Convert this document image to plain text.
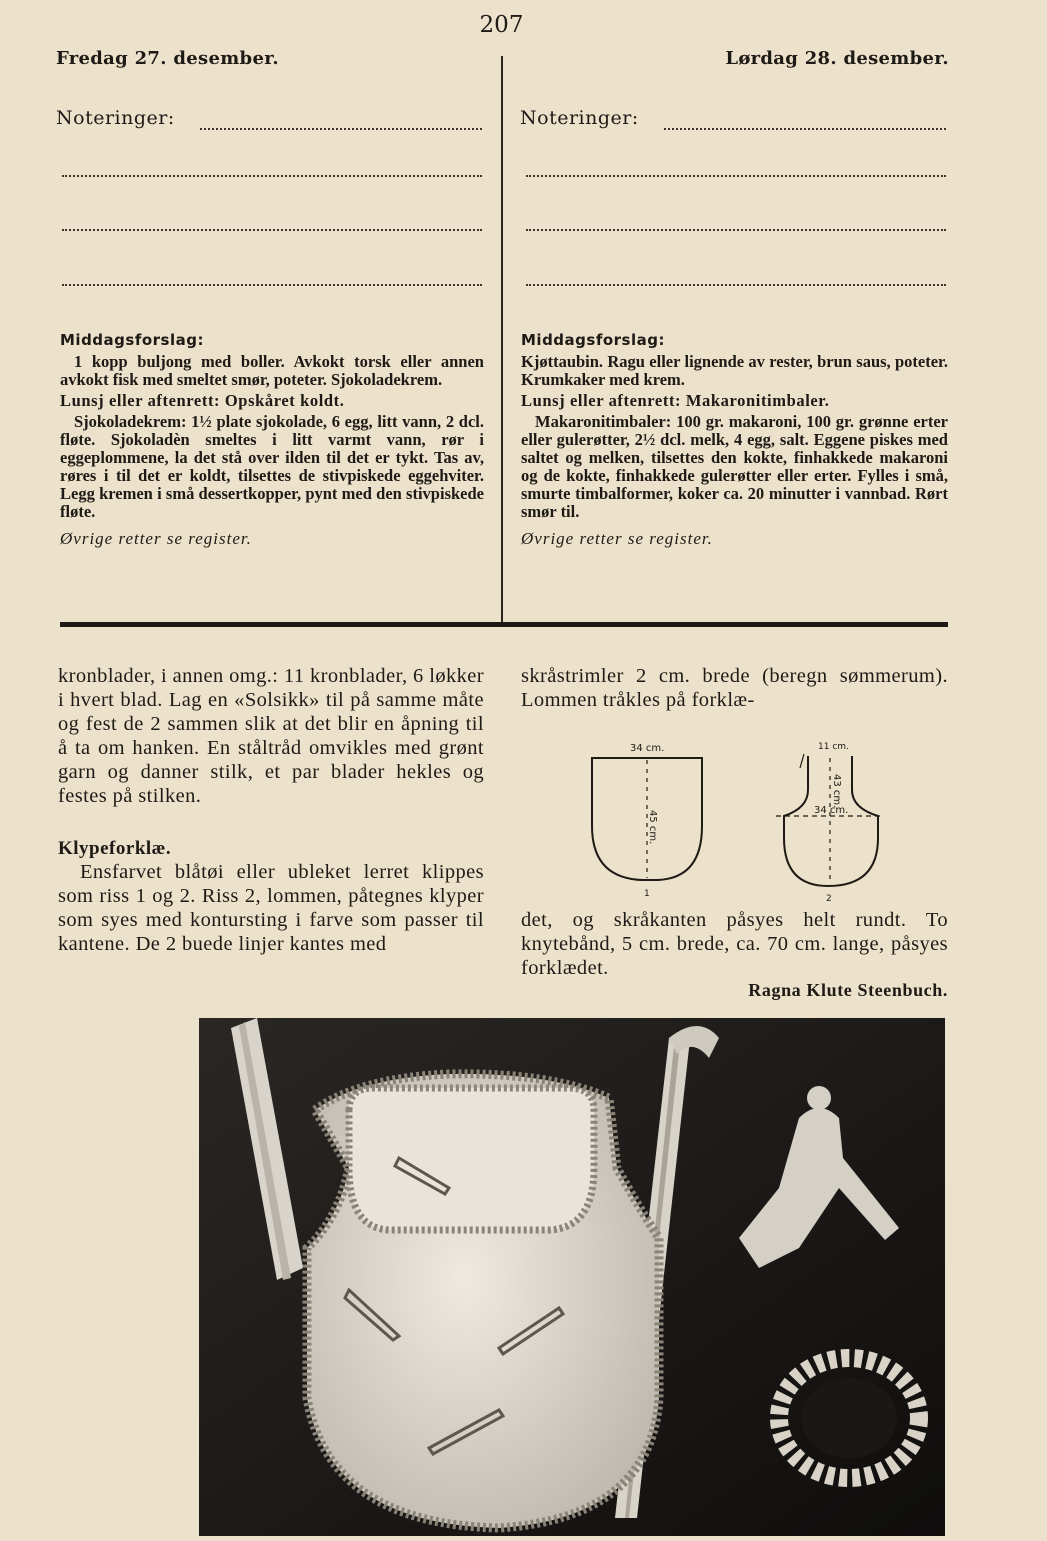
207
Fredag 27. desember.	Lørdag 28. desember.
Noteringer:	Noteringer:
Middagsforslag:

1 kopp buljong med boller. Avkokt torsk eller annen avkokt fisk med smeltet smør, poteter. Sjokoladekrem.

Lunsj eller aftenrett: Opskåret koldt.

Sjokoladekrem: 1½ plate sjokolade, 6 egg, litt vann, 2 dcl. fløte. Sjokoladèn smeltes i litt varmt vann, rør i eggeplommene, la det stå over ilden til det er tykt. Tas av, røres i til det er koldt, tilsettes de stivpiskede eggehviter. Legg kremen i små dessertkopper, pynt med den stivpiskede fløte.

Øvrige retter se register.
Middagsforslag:

Kjøttaubin. Ragu eller lignende av rester, brun saus, poteter. Krumkaker med krem.

Lunsj eller aftenrett: Makaronitimbaler.

Makaronitimbaler: 100 gr. makaroni, 100 gr. grønne erter eller gulerøtter, 2½ dcl. melk, 4 egg, salt. Eggene piskes med saltet og melken, tilsettes den kokte, finhakkede makaroni og de kokte, finhakkede gulerøtter eller erter. Fylles i små, smurte timbalformer, koker ca. 20 minutter i vannbad. Rørt smør til.

Øvrige retter se register.
kronblader, i annen omg.: 11 kronblader, 6 løkker i hvert blad. Lag en «Solsikk» til på samme måte og fest de 2 sammen slik at det blir en åpning til å ta om hanken. En ståltråd omvikles med grønt garn og danner stilk, et par blader hekles og festes på stilken.
Klypeforklæ.
Ensfarvet blåtøi eller ubleket lerret klippes som riss 1 og 2. Riss 2, lommen, påtegnes klyper som syes med kontursting i farve som passer til kantene. De 2 buede linjer kantes med
skråstrimler 2 cm. brede (beregn sømmerum). Lommen tråkles på forklæ-
det, og skråkanten påsyes helt rundt. To knytebånd, 5 cm. brede, ca. 70 cm. lange, påsyes forklædet.
Ragna Klute Steenbuch.
34 cm.
45 cm.
1
11 cm.
43 cm.
34 cm.
2
